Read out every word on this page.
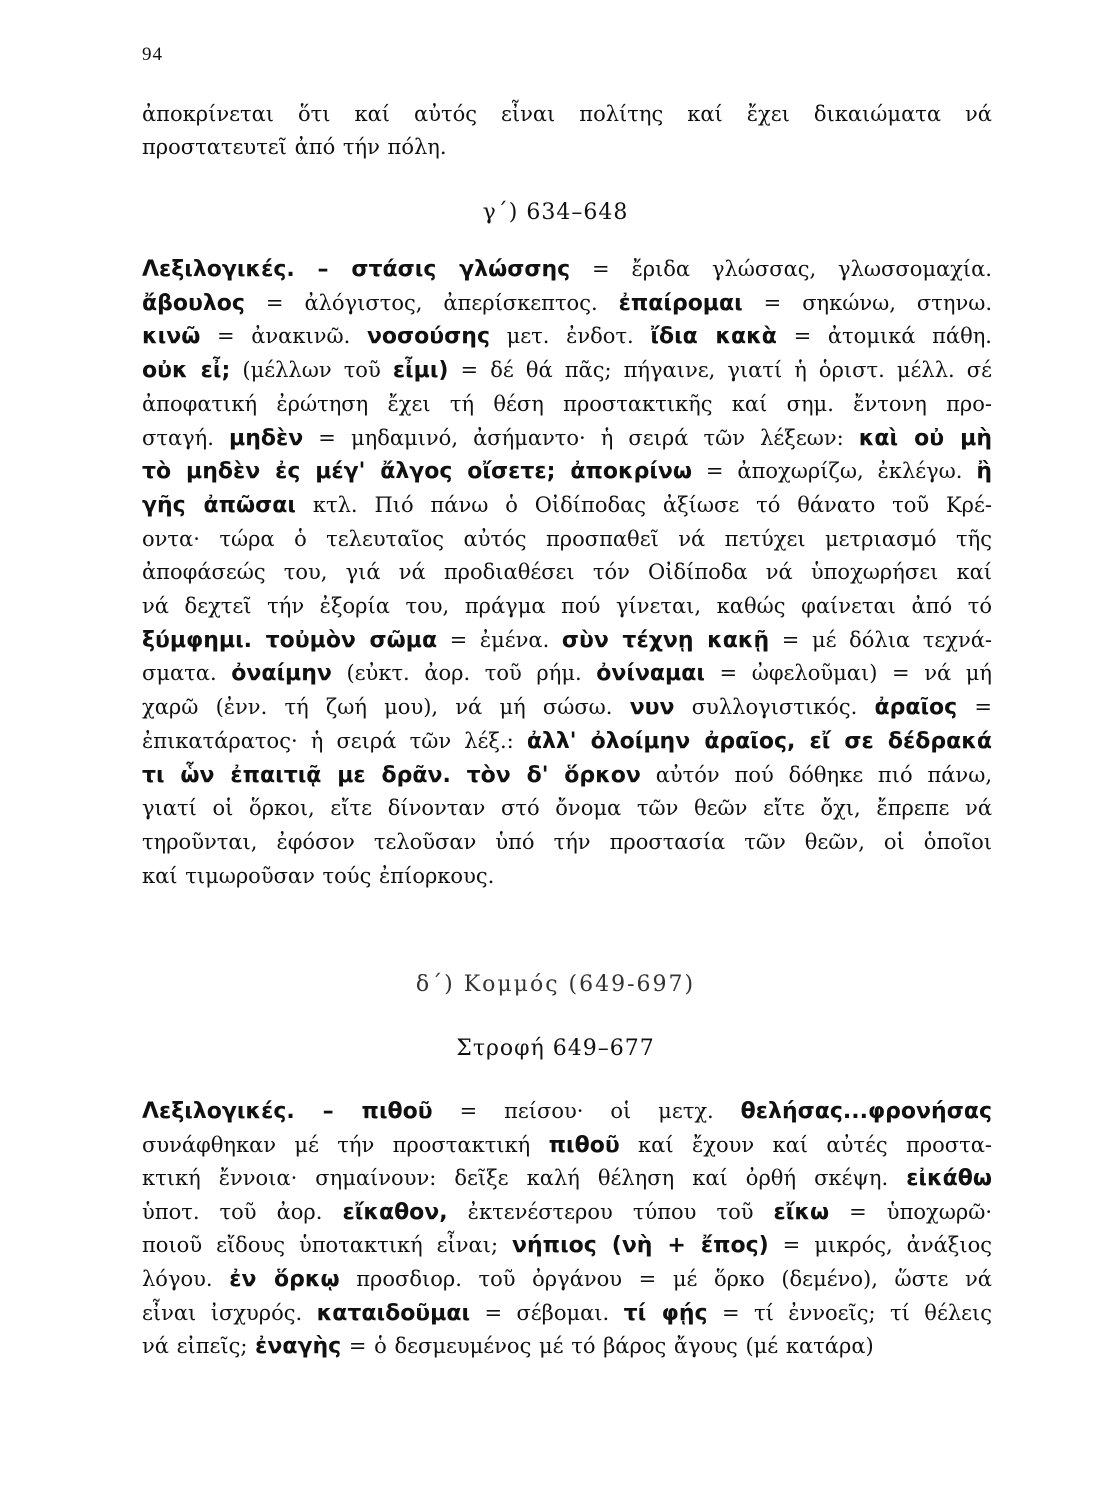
94
ἀποκρίνεται ὅτι καί αὐτός εἶναι πολίτης καί ἔχει δικαιώματα νά
προστατευτεῖ ἀπό τήν πόλη.
γ΄) 634–648
Λεξιλογικές. – στάσις γλώσσης = ἔριδα γλώσσας, γλωσσομαχία.
ἄβουλος = ἀλόγιστος, ἀπερίσκεπτος. ἐπαίρομαι = σηκώνω, στηνω.
κινῶ = ἀνακινῶ. νοσούσης μετ. ἐνδοτ. ἴδια κακὰ = ἀτομικά πάθη.
οὐκ εἶ; (μέλλων τοῦ εἶμι) = δέ θά πᾶς; πήγαινε, γιατί ἡ ὁριστ. μέλλ. σέ
ἀποφατική ἐρώτηση ἔχει τή θέση προστακτικῆς καί σημ. ἔντονη προ-
σταγή. μηδὲν = μηδαμινό, ἀσήμαντο· ἡ σειρά τῶν λέξεων: καὶ οὐ μὴ
τὸ μηδὲν ἐς μέγ' ἄλγος οἴσετε; ἀποκρίνω = ἀποχωρίζω, ἐκλέγω. ἢ
γῆς ἀπῶσαι κτλ. Πιό πάνω ὁ Οἰδίποδας ἀξίωσε τό θάνατο τοῦ Κρέ-
οντα· τώρα ὁ τελευταῖος αὐτός προσπαθεῖ νά πετύχει μετριασμό τῆς
ἀποφάσεώς του, γιά νά προδιαθέσει τόν Οἰδίποδα νά ὑποχωρήσει καί
νά δεχτεῖ τήν ἐξορία του, πράγμα πού γίνεται, καθώς φαίνεται ἀπό τό
ξύμφημι. τοὐμὸν σῶμα = ἐμένα. σὺν τέχνῃ κακῇ = μέ δόλια τεχνά-
σματα. ὀναίμην (εὐκτ. ἀορ. τοῦ ρήμ. ὀνίναμαι = ὠφελοῦμαι) = νά μή
χαρῶ (ἐνν. τή ζωή μου), νά μή σώσω. νυν συλλογιστικός. ἀραῖος =
ἐπικατάρατος· ἡ σειρά τῶν λέξ.: ἀλλ' ὀλοίμην ἀραῖος, εἴ σε δέδρακά
τι ὧν ἐπαιτιᾷ με δρᾶν. τὸν δ' ὅρκον αὐτόν πού δόθηκε πιό πάνω,
γιατί οἱ ὅρκοι, εἴτε δίνονταν στό ὄνομα τῶν θεῶν εἴτε ὄχι, ἔπρεπε νά
τηροῦνται, ἐφόσον τελοῦσαν ὑπό τήν προστασία τῶν θεῶν, οἱ ὁποῖοι
καί τιμωροῦσαν τούς ἐπίορκους.
δ΄) Κομμός (649-697)
Στροφή 649–677
Λεξιλογικές. – πιθοῦ = πείσου· οἱ μετχ. θελήσας...φρονήσας
συνάφθηκαν μέ τήν προστακτική πιθοῦ καί ἔχουν καί αὐτές προστα-
κτική ἔννοια· σημαίνουν: δεῖξε καλή θέληση καί ὀρθή σκέψη. εἰκάθω
ὑποτ. τοῦ ἀορ. εἴκαθον, ἐκτενέστερου τύπου τοῦ εἴκω = ὑποχωρῶ·
ποιοῦ εἴδους ὑποτακτική εἶναι; νήπιος (νὴ + ἔπος) = μικρός, ἀνάξιος
λόγου. ἐν ὅρκῳ προσδιορ. τοῦ ὀργάνου = μέ ὅρκο (δεμένο), ὥστε νά
εἶναι ἰσχυρός. καταιδοῦμαι = σέβομαι. τί φῄς = τί ἐννοεῖς; τί θέλεις
νά εἰπεῖς; ἐναγὴς = ὁ δεσμευμένος μέ τό βάρος ἄγους (μέ κατάρα)
